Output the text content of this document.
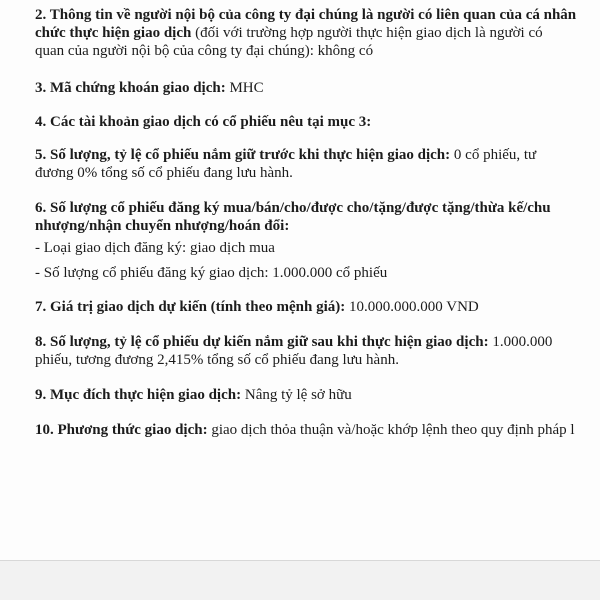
2. Thông tin về người nội bộ của công ty đại chúng là người có liên quan của cá nhân
chức thực hiện giao dịch (đối với trường hợp người thực hiện giao dịch là người có
quan của người nội bộ của công ty đại chúng): không có
3. Mã chứng khoán giao dịch: MHC
4. Các tài khoản giao dịch có cổ phiếu nêu tại mục 3:
5. Số lượng, tỷ lệ cổ phiếu nắm giữ trước khi thực hiện giao dịch: 0 cổ phiếu, tư
đương 0% tổng số cổ phiếu đang lưu hành.
6. Số lượng cổ phiếu đăng ký mua/bán/cho/được cho/tặng/được tặng/thừa kế/chu
nhượng/nhận chuyển nhượng/hoán đổi:
- Loại giao dịch đăng ký: giao dịch mua
- Số lượng cổ phiếu đăng ký giao dịch: 1.000.000 cổ phiếu
7. Giá trị giao dịch dự kiến (tính theo mệnh giá): 10.000.000.000 VND
8. Số lượng, tỷ lệ cổ phiếu dự kiến nắm giữ sau khi thực hiện giao dịch: 1.000.000
phiếu, tương đương 2,415% tổng số cổ phiếu đang lưu hành.
9. Mục đích thực hiện giao dịch: Nâng tỷ lệ sở hữu
10. Phương thức giao dịch: giao dịch thỏa thuận và/hoặc khớp lệnh theo quy định pháp l
